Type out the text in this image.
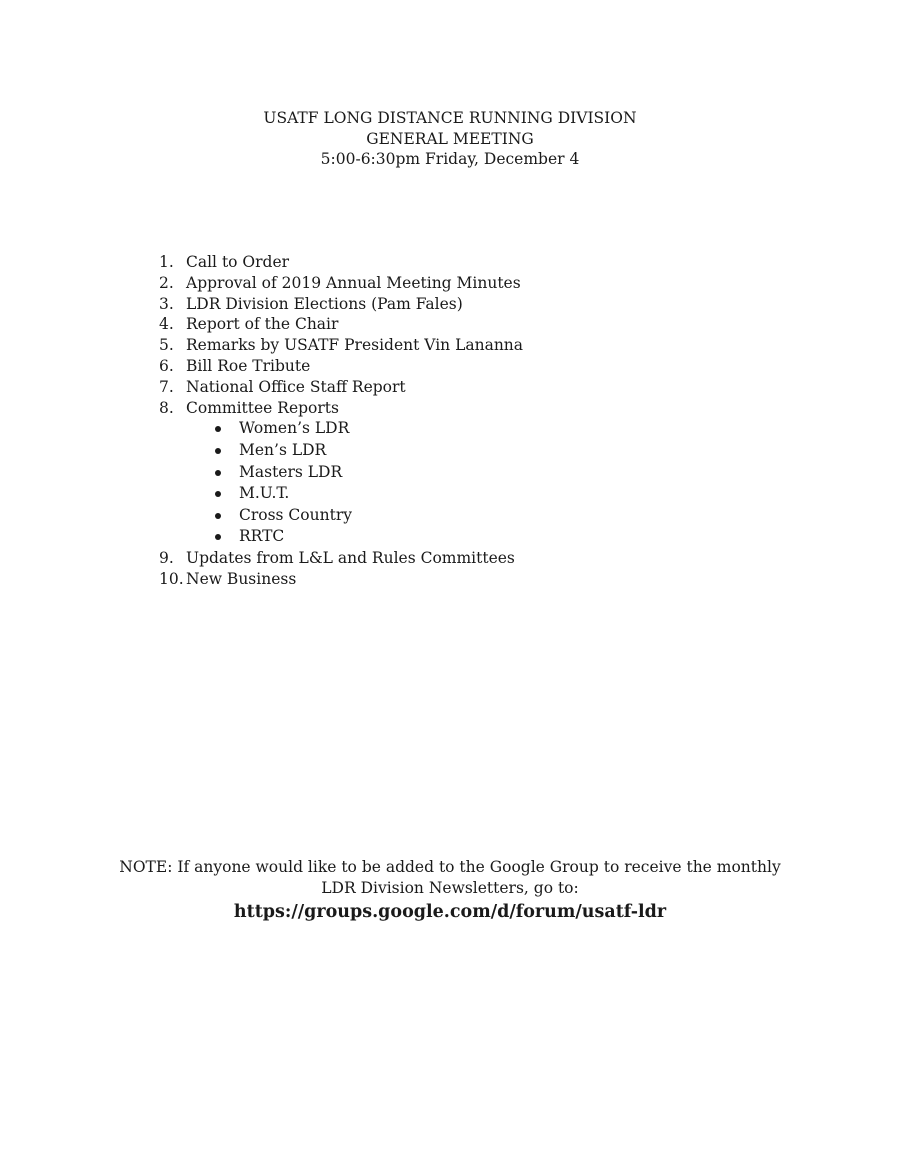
USATF LONG DISTANCE RUNNING DIVISION
GENERAL MEETING
5:00-6:30pm Friday, December 4
1. Call to Order
2. Approval of 2019 Annual Meeting Minutes
3. LDR Division Elections (Pam Fales)
4. Report of the Chair
5. Remarks by USATF President Vin Lananna
6. Bill Roe Tribute
7. National Office Staff Report
8. Committee Reports
Women’s LDR
Men’s LDR
Masters LDR
M.U.T.
Cross Country
RRTC
9. Updates from L&L and Rules Committees
10. New Business
NOTE: If anyone would like to be added to the Google Group to receive the monthly
LDR Division Newsletters, go to:
https://groups.google.com/d/forum/usatf-ldr
